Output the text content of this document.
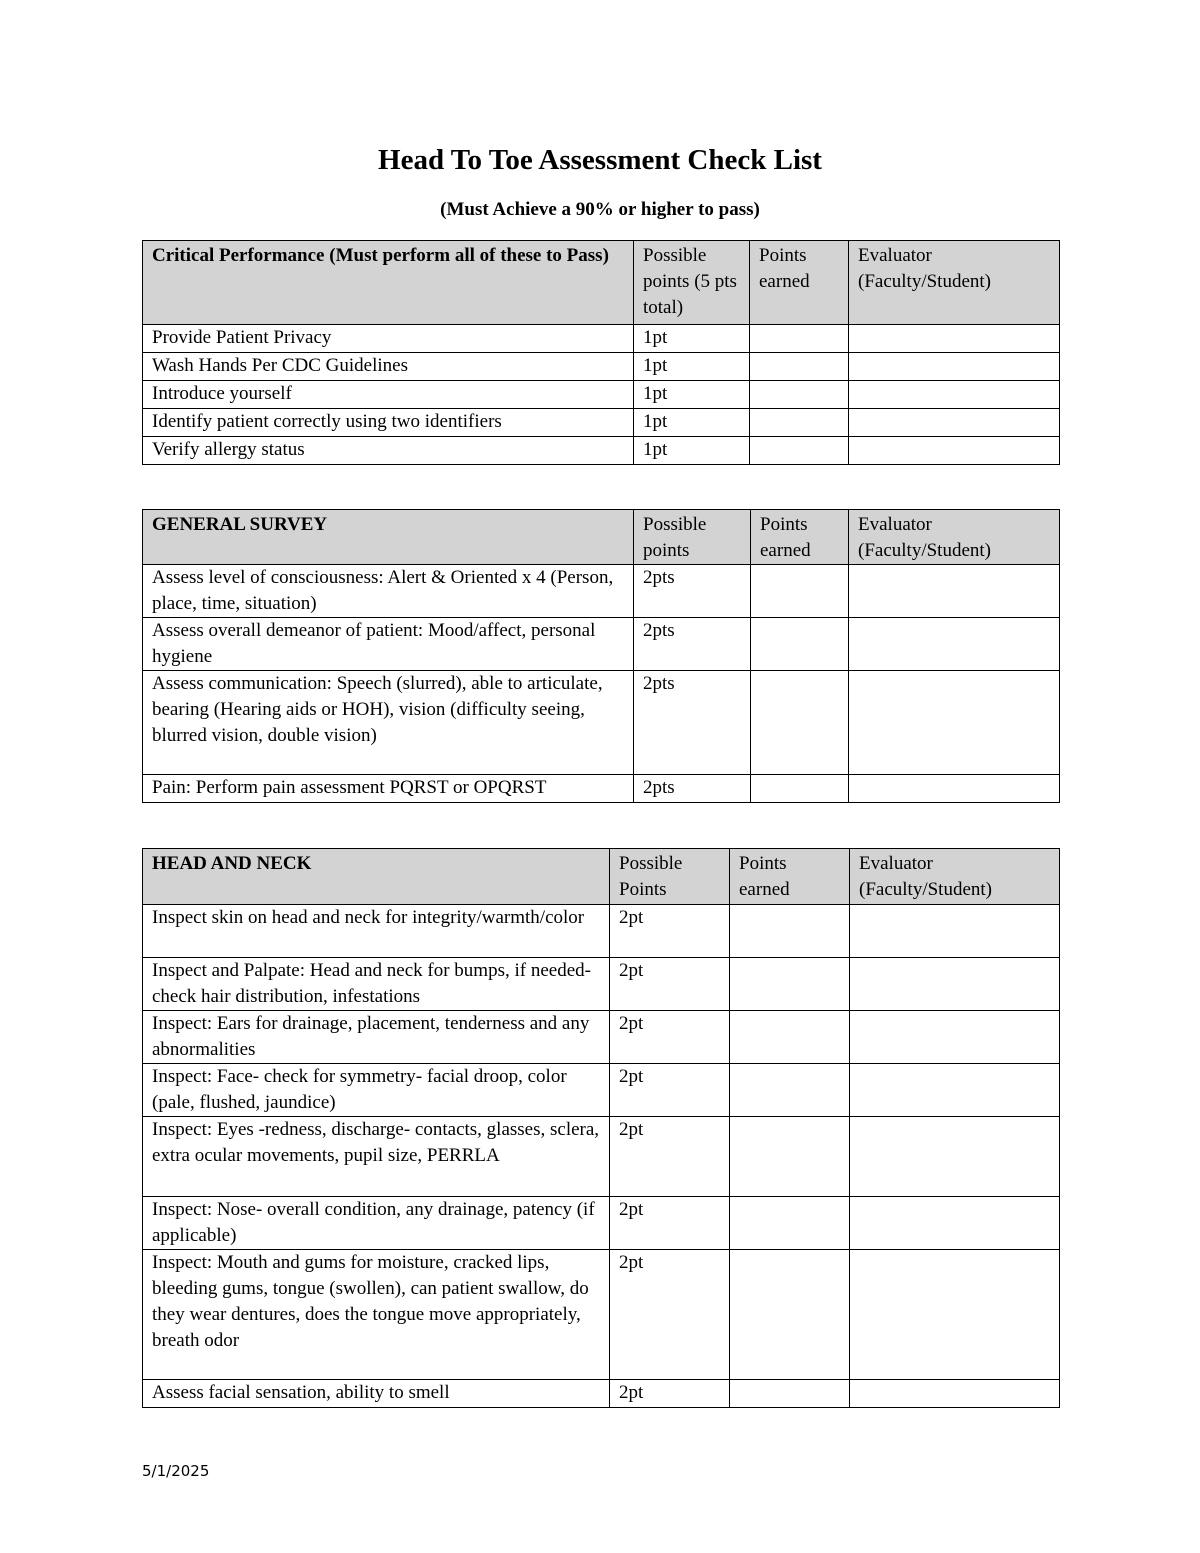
Head To Toe Assessment Check List
(Must Achieve a 90% or higher to pass)
Critical Performance (Must perform all of these to Pass)	Possible points (5 pts total)	Points earned	Evaluator (Faculty/Student)
Provide Patient Privacy	1pt		
Wash Hands Per CDC Guidelines	1pt		
Introduce yourself	1pt		
Identify patient correctly using two identifiers	1pt		
Verify allergy status	1pt		
GENERAL SURVEY	Possible points	Points earned	Evaluator (Faculty/Student)
Assess level of consciousness: Alert & Oriented x 4 (Person, place, time, situation)	2pts		
Assess overall demeanor of patient: Mood/affect, personal hygiene	2pts		
Assess communication: Speech (slurred), able to articulate, bearing (Hearing aids or HOH), vision (difficulty seeing, blurred vision, double vision)	2pts		
Pain: Perform pain assessment PQRST or OPQRST	2pts		
HEAD AND NECK	Possible Points	Points earned	Evaluator (Faculty/Student)
Inspect skin on head and neck for integrity/warmth/color	2pt		
Inspect and Palpate: Head and neck for bumps, if needed- check hair distribution, infestations	2pt		
Inspect: Ears for drainage, placement, tenderness and any abnormalities	2pt		
Inspect: Face- check for symmetry- facial droop, color (pale, flushed, jaundice)	2pt		
Inspect: Eyes -redness, discharge- contacts, glasses, sclera, extra ocular movements, pupil size, PERRLA	2pt		
Inspect: Nose- overall condition, any drainage, patency (if applicable)	2pt		
Inspect: Mouth and gums for moisture, cracked lips, bleeding gums, tongue (swollen), can patient swallow, do they wear dentures, does the tongue move appropriately, breath odor	2pt		
Assess facial sensation, ability to smell	2pt		
5/1/2025
